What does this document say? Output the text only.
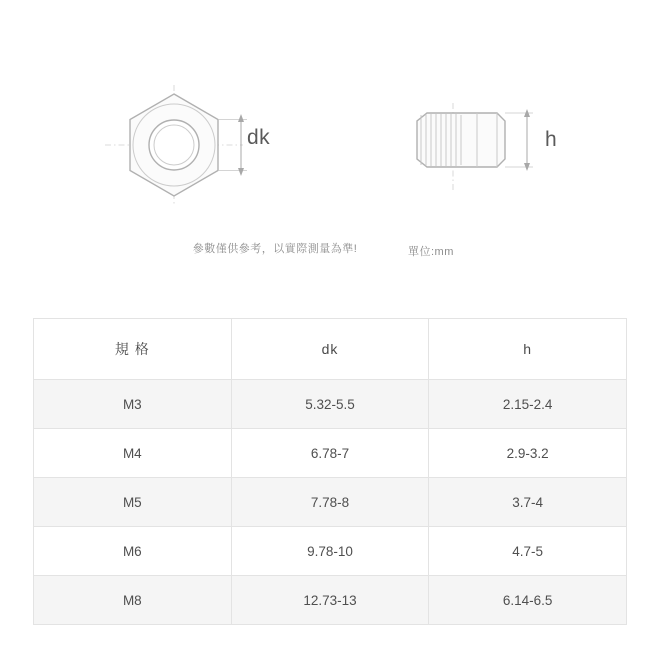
dk	h
參數僅供參考，以實際測量為準!	單位:mm
規 格	dk	h
M3	5.32-5.5	2.15-2.4
M4	6.78-7	2.9-3.2
M5	7.78-8	3.7-4
M6	9.78-10	4.7-5
M8	12.73-13	6.14-6.5
